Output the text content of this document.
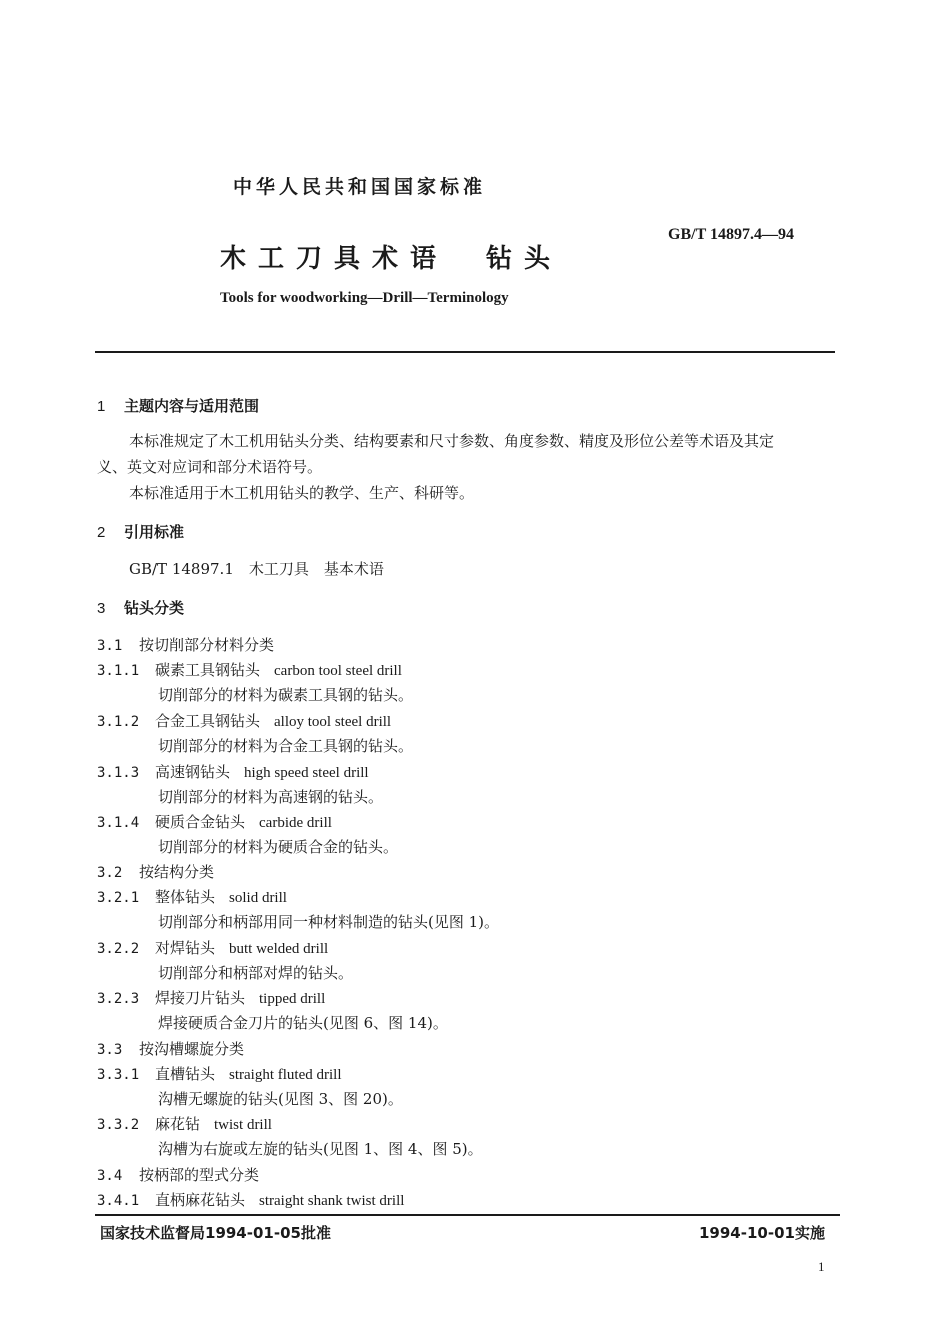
中华人民共和国国家标准
GB/T 14897.4—94
木工刀具术语　钻头
Tools for woodworking—Drill—Terminology
1 主题内容与适用范围
本标准规定了木工机用钻头分类、结构要素和尺寸参数、角度参数、精度及形位公差等术语及其定
义、英文对应词和部分术语符号。
本标准适用于木工机用钻头的教学、生产、科研等。
2 引用标准
GB/T 14897.1　木工刀具　基本术语
3 钻头分类
3.1 按切削部分材料分类
3.1.1 碳素工具钢钻头 carbon tool steel drill
切削部分的材料为碳素工具钢的钻头。
3.1.2 合金工具钢钻头 alloy tool steel drill
切削部分的材料为合金工具钢的钻头。
3.1.3 高速钢钻头 high speed steel drill
切削部分的材料为高速钢的钻头。
3.1.4 硬质合金钻头 carbide drill
切削部分的材料为硬质合金的钻头。
3.2 按结构分类
3.2.1 整体钻头 solid drill
切削部分和柄部用同一种材料制造的钻头(见图 1)。
3.2.2 对焊钻头 butt welded drill
切削部分和柄部对焊的钻头。
3.2.3 焊接刀片钻头 tipped drill
焊接硬质合金刀片的钻头(见图 6、图 14)。
3.3 按沟槽螺旋分类
3.3.1 直槽钻头 straight fluted drill
沟槽无螺旋的钻头(见图 3、图 20)。
3.3.2 麻花钻 twist drill
沟槽为右旋或左旋的钻头(见图 1、图 4、图 5)。
3.4 按柄部的型式分类
3.4.1 直柄麻花钻头 straight shank twist drill
国家技术监督局1994-01-05批准	1994-10-01实施
1
